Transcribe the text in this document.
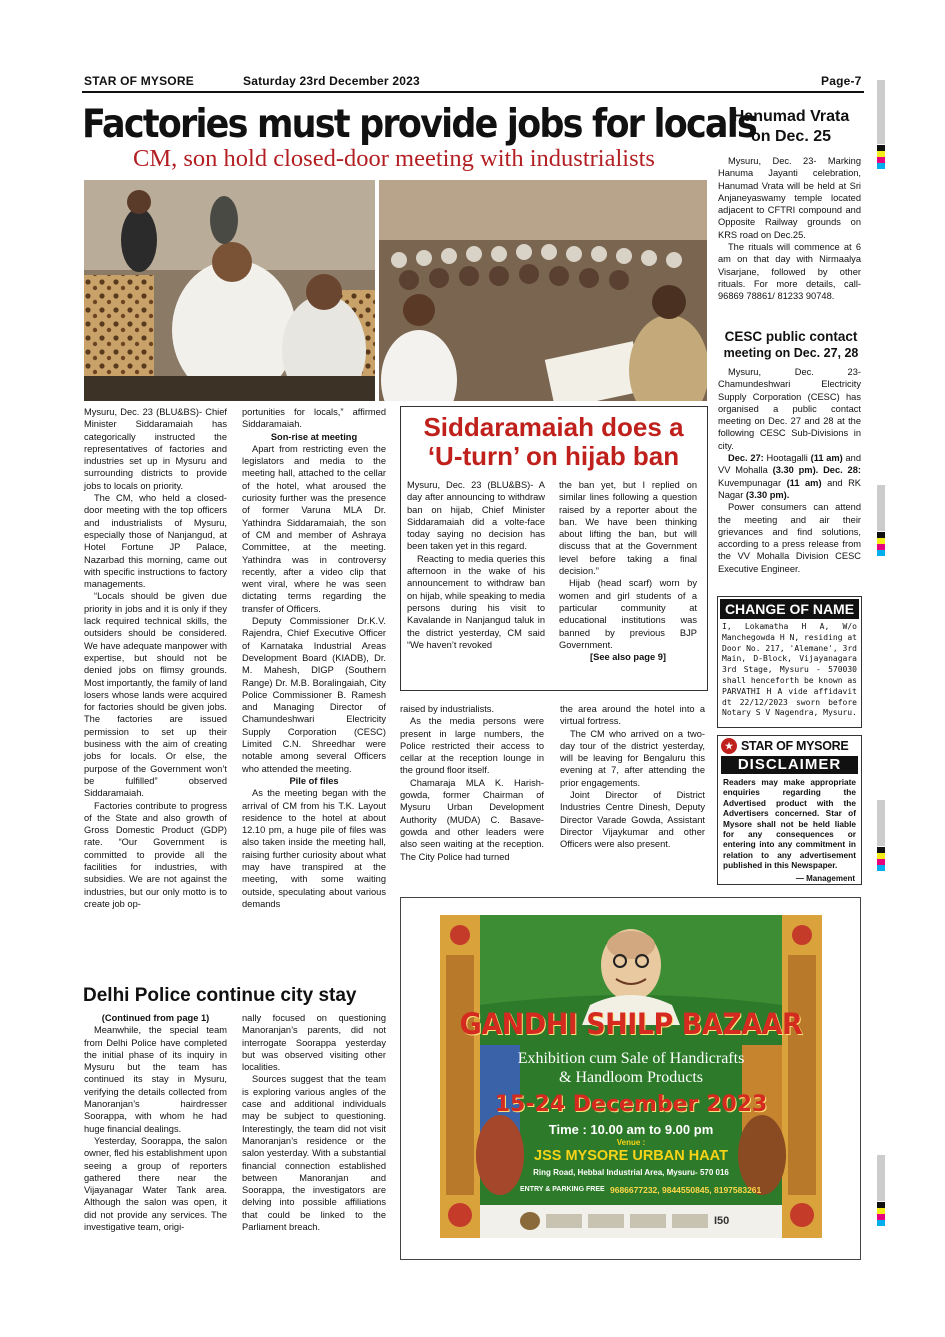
STAR OF MYSORE	Saturday 23rd December 2023	Page-7
Factories must provide jobs for locals
CM, son hold closed-door meeting with industrialists

Mysuru, Dec. 23 (BLU&BS)- Chief Minister Siddaramaiah has categorically instructed the representatives of factories and industries set up in Mysuru and surrounding districts to provide jobs to locals on priority.

The CM, who held a closed-door meeting with the top officers and industrialists of Mysuru, especially those of Nanjangud, at Hotel Fortune JP Palace, Nazarbad this morning, came out with specific instructions to factory managements.

“Locals should be given due priority in jobs and it is only if they lack required technical skills, the outsiders should be considered. We have adequate manpower with expertise, but should not be denied jobs on flimsy grounds. Most importantly, the family of land losers whose lands were acquired for factories should be given jobs. The factories are issued permission to set up their business with the aim of creating jobs for locals. Or else, the purpose of the Government won’t be fulfilled” observed Siddaramaiah.

Factories contribute to progress of the State and also growth of Gross Domestic Product (GDP) rate. “Our Government is committed to provide all the facilities for industries, with subsidies. We are not against the industries, but our only motto is to create job op-

portunities for locals,” affirmed Siddaramaiah.

Son-rise at meeting

Apart from restricting even the legislators and media to the meeting hall, attached to the cellar of the hotel, what aroused the curiosity further was the presence of former Varuna MLA Dr. Yathindra Siddaramaiah, the son of CM and member of Ashraya Committee, at the meeting. Yathindra was in controversy recently, after a video clip that went viral, where he was seen dictating terms regarding the transfer of Officers.

Deputy Commissioner Dr.K.V. Rajendra, Chief Executive Officer of Karnataka Industrial Areas Development Board (KIADB), Dr. M. Mahesh, DIGP (Southern Range) Dr. M.B. Boralingaiah, City Police Commissioner B. Ramesh and Managing Director of Chamundeshwari Electricity Supply Corporation (CESC) Limited C.N. Shreedhar were notable among several Officers who attended the meeting.

Pile of files

As the meeting began with the arrival of CM from his T.K. Layout residence to the hotel at about 12.10 pm, a huge pile of files was also taken inside the meeting hall, raising further curiosity about what may have transpired at the meeting, with some waiting outside, speculating about various demands

Siddaramaiah does a
‘U-turn’ on hijab ban

Mysuru, Dec. 23 (BLU&BS)- A day after announcing to withdraw ban on hijab, Chief Minister Siddaramaiah did a volte-face today saying no decision has been taken yet in this regard.

Reacting to media queries this afternoon in the wake of his announcement to withdraw ban on hijab, while speaking to media persons during his visit to Kavalande in Nanjangud taluk in the district yesterday, CM said “We haven’t revoked

the ban yet, but I replied on similar lines following a question raised by a reporter about the ban. We have been thinking about lifting the ban, but will discuss that at the Government level before taking a final decision.”

Hijab (head scarf) worn by women and girl students of a particular community at educational institutions was banned by previous BJP Government.

[See also page 9]

raised by industrialists.

As the media persons were present in large numbers, the Police restricted their access to cellar at the reception lounge in the ground floor itself.

Chamaraja MLA K. Harish-gowda, former Chairman of Mysuru Urban Development Authority (MUDA) C. Basave-gowda and other leaders were also seen waiting at the reception. The City Police had turned

the area around the hotel into a virtual fortress.

The CM who arrived on a two-day tour of the district yesterday, will be leaving for Bengaluru this evening at 7, after attending the prior engagements.

Joint Director of District Industries Centre Dinesh, Deputy Director Varade Gowda, Assistant Director Vijaykumar and other Officers were also present.

Delhi Police continue city stay
(Continued from page 1)

Meanwhile, the special team from Delhi Police have completed the initial phase of its inquiry in Mysuru but the team has continued its stay in Mysuru, verifying the details collected from Manoranjan’s hairdresser Soorappa, with whom he had huge financial dealings.

Yesterday, Soorappa, the salon owner, fled his establishment upon seeing a group of reporters gathered there near the Vijayanagar Water Tank area. Although the salon was open, it did not provide any services. The investigative team, origi-

nally focused on questioning Manoranjan’s parents, did not interrogate Soorappa yesterday but was observed visiting other localities.

Sources suggest that the team is exploring various angles of the case and additional individuals may be subject to questioning. Interestingly, the team did not visit Manoranjan’s residence or the salon yesterday. With a substantial financial connection established between Manoranjan and Soorappa, the investigators are delving into possible affiliations that could be linked to the Parliament breach.

GANDHI SHILP BAZAAR
Exhibition cum Sale of Handicrafts
& Handloom Products
15-24 December 2023
Time : 10.00 am to 9.00 pm
Venue :
JSS MYSORE URBAN HAAT
Ring Road, Hebbal Industrial Area, Mysuru- 570 016
ENTRY & PARKING FREE 9686677232, 9844550845, 8197583261
I50
Hanumad Vrata
on Dec. 25

Mysuru, Dec. 23- Marking Hanuma Jayanti celebration, Hanumad Vrata will be held at Sri Anjaneyaswamy temple located adjacent to CFTRI compound and Opposite Railway grounds on KRS road on Dec.25.

The rituals will commence at 6 am on that day with Nirmaalya Visarjane, followed by other rituals. For more details, call- 96869 78861/ 81233 90748.

CESC public contact
meeting on Dec. 27, 28

Mysuru, Dec. 23- Chamundeshwari Electricity Supply Corporation (CESC) has organised a public contact meeting on Dec. 27 and 28 at the following CESC Sub-Divisions in city.

Dec. 27: Hootagalli (11 am) and VV Mohalla (3.30 pm). Dec. 28: Kuvempunagar (11 am) and RK Nagar (3.30 pm).

Power consumers can attend the meeting and air their grievances and find solutions, according to a press release from the VV Mohalla Division CESC Executive Engineer.

CHANGE OF NAME
I, Lokamatha H A, W/o Manchegowda H N, residing at Door No. 217, 'Alemane', 3rd Main, D-Block, Vijayanagara 3rd Stage, Mysuru - 570030 shall henceforth be known as PARVATHI H A vide affidavit dt 22/12/2023 sworn before Notary S V Nagendra, Mysuru.
★ STAR OF MYSORE
DISCLAIMER
Readers may make appropriate enquiries regarding the Advertised product with the Advertisers concerned. Star of Mysore shall not be held liable for any consequences or entering into any commitment in relation to any advertisement published in this Newspaper.
— Management
